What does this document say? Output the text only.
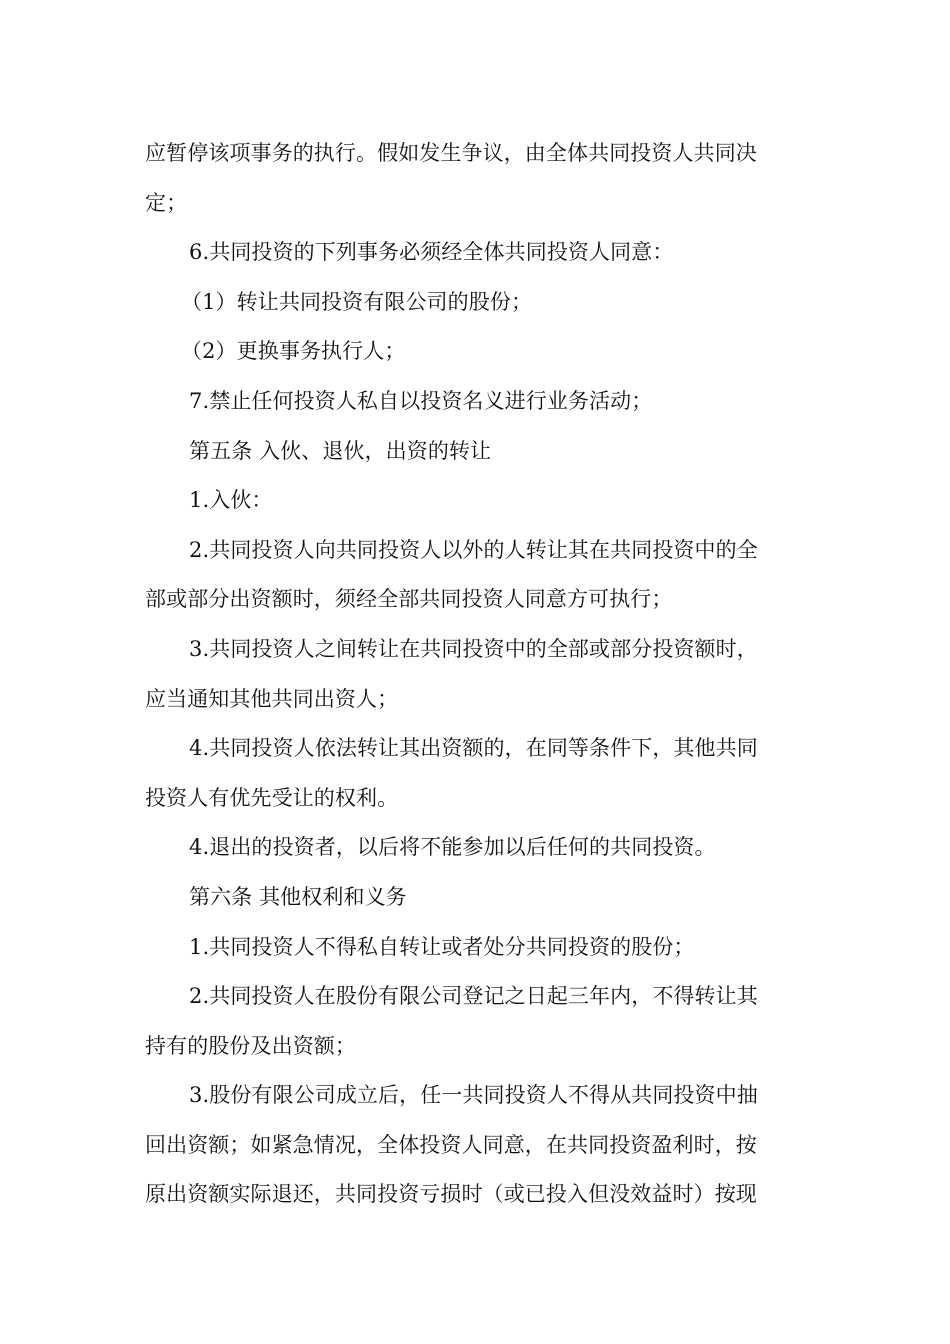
应暂停该项事务的执行。假如发生争议，由全体共同投资人共同决
定；
6.共同投资的下列事务必须经全体共同投资人同意：
（1）转让共同投资有限公司的股份；
（2）更换事务执行人；
7.禁止任何投资人私自以投资名义进行业务活动；
第五条 入伙、退伙，出资的转让
1.入伙：
2.共同投资人向共同投资人以外的人转让其在共同投资中的全
部或部分出资额时，须经全部共同投资人同意方可执行；
3.共同投资人之间转让在共同投资中的全部或部分投资额时，
应当通知其他共同出资人；
4.共同投资人依法转让其出资额的，在同等条件下，其他共同
投资人有优先受让的权利。
4.退出的投资者，以后将不能参加以后任何的共同投资。
第六条 其他权利和义务
1.共同投资人不得私自转让或者处分共同投资的股份；
2.共同投资人在股份有限公司登记之日起三年内，不得转让其
持有的股份及出资额；
3.股份有限公司成立后，任一共同投资人不得从共同投资中抽
回出资额；如紧急情况，全体投资人同意，在共同投资盈利时，按
原出资额实际退还，共同投资亏损时（或已投入但没效益时）按现
